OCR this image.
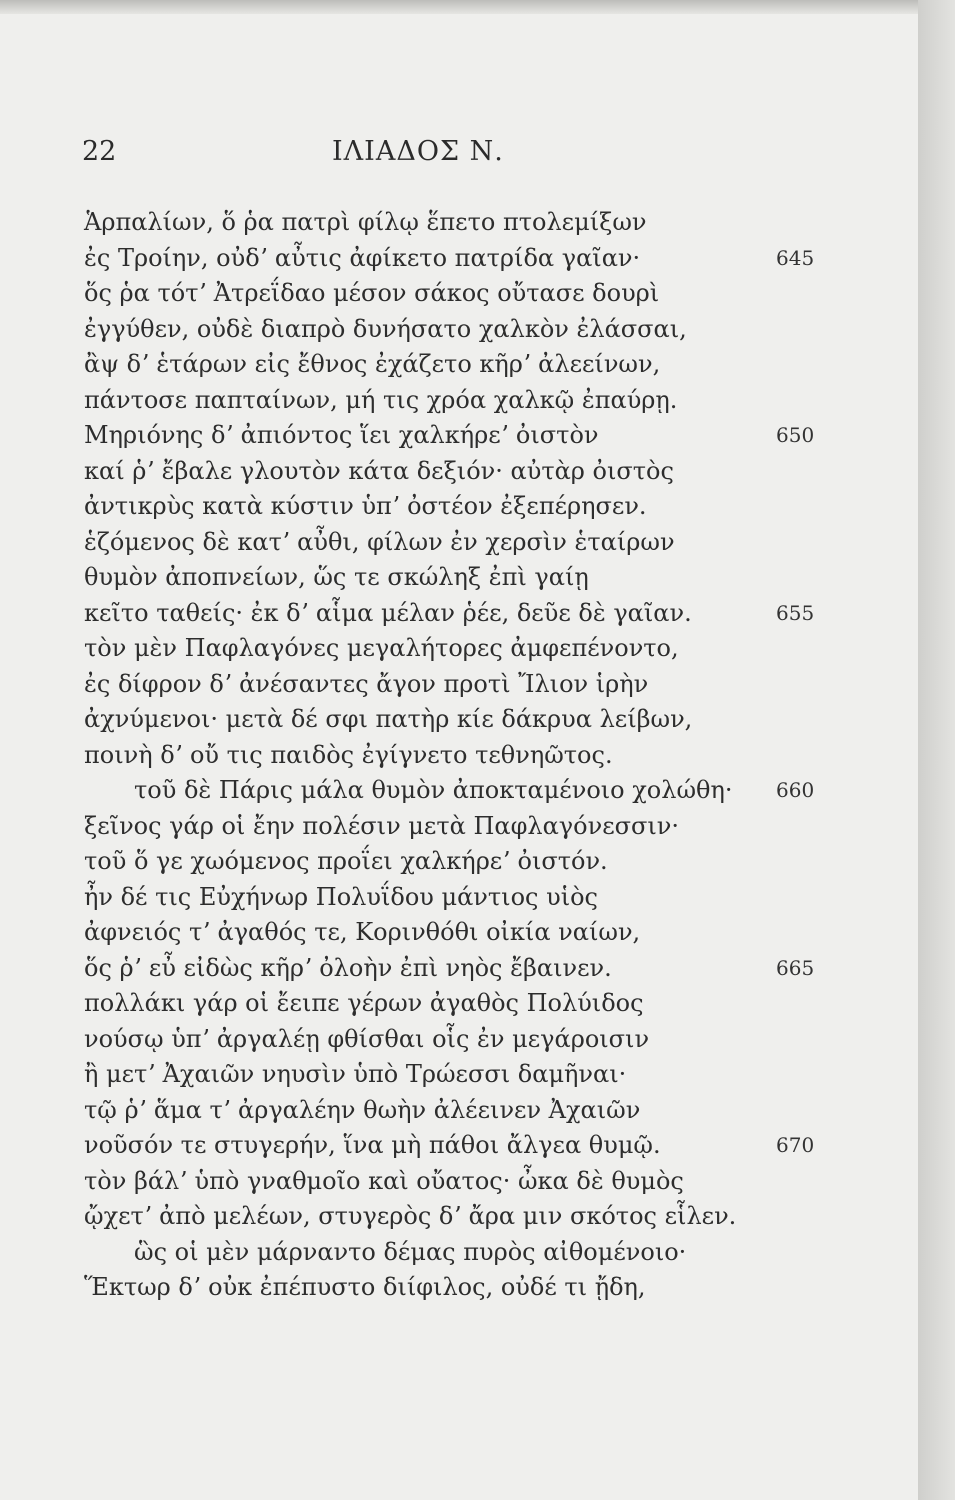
22	ΙΛΙΑΔΟΣ Ν.
Ἁρπαλίων, ὅ ῥα πατρὶ φίλῳ ἕπετο πτολεμίξων
ἐς Τροίην, οὐδʼ αὖτις ἀφίκετο πατρίδα γαῖαν·	645
ὅς ῥα τότʼ Ἀτρεΐδαο μέσον σάκος οὔτασε δουρὶ
ἐγγύθεν, οὐδὲ διαπρὸ δυνήσατο χαλκὸν ἐλάσσαι,
ἂψ δʼ ἑτάρων εἰς ἔθνος ἐχάζετο κῆρʼ ἀλεείνων,
πάντοσε παπταίνων, μή τις χρόα χαλκῷ ἐπαύρῃ.
Μηριόνης δʼ ἀπιόντος ἵει χαλκήρεʼ ὀιστὸν	650
καί ῥʼ ἔβαλε γλουτὸν κάτα δεξιόν· αὐτὰρ ὀιστὸς
ἀντικρὺς κατὰ κύστιν ὑπʼ ὀστέον ἐξεπέρησεν.
ἑζόμενος δὲ κατʼ αὖθι, φίλων ἐν χερσὶν ἑταίρων
θυμὸν ἀποπνείων, ὥς τε σκώληξ ἐπὶ γαίῃ
κεῖτο ταθείς· ἐκ δʼ αἷμα μέλαν ῥέε, δεῦε δὲ γαῖαν.	655
τὸν μὲν Παφλαγόνες μεγαλήτορες ἀμφεπένοντο,
ἐς δίφρον δʼ ἀνέσαντες ἄγον προτὶ Ἴλιον ἱρὴν
ἀχνύμενοι· μετὰ δέ σφι πατὴρ κίε δάκρυα λείβων,
ποινὴ δʼ οὔ τις παιδὸς ἐγίγνετο τεθνηῶτος.
τοῦ δὲ Πάρις μάλα θυμὸν ἀποκταμένοιο χολώθη· 660
ξεῖνος γάρ οἱ ἔην πολέσιν μετὰ Παφλαγόνεσσιν·
τοῦ ὅ γε χωόμενος προΐει χαλκήρεʼ ὀιστόν.
ἦν δέ τις Εὐχήνωρ Πολυΐδου μάντιος υἱὸς
ἀφνειός τʼ ἀγαθός τε, Κορινθόθι οἰκία ναίων,
ὅς ῥʼ εὖ εἰδὼς κῆρʼ ὀλοὴν ἐπὶ νηὸς ἔβαινεν.	665
πολλάκι γάρ οἱ ἔειπε γέρων ἀγαθὸς Πολύιδος
νούσῳ ὑπʼ ἀργαλέῃ φθίσθαι οἷς ἐν μεγάροισιν
ἢ μετʼ Ἀχαιῶν νηυσὶν ὑπὸ Τρώεσσι δαμῆναι·
τῷ ῥʼ ἅμα τʼ ἀργαλέην θωὴν ἀλέεινεν Ἀχαιῶν
νοῦσόν τε στυγερήν, ἵνα μὴ πάθοι ἄλγεα θυμῷ.	670
τὸν βάλʼ ὑπὸ γναθμοῖο καὶ οὔατος· ὦκα δὲ θυμὸς
ᾤχετʼ ἀπὸ μελέων, στυγερὸς δʼ ἄρα μιν σκότος εἷλεν.
ὣς οἱ μὲν μάρναντο δέμας πυρὸς αἰθομένοιο·
Ἕκτωρ δʼ οὐκ ἐπέπυστο διίφιλος, οὐδέ τι ᾔδη,
